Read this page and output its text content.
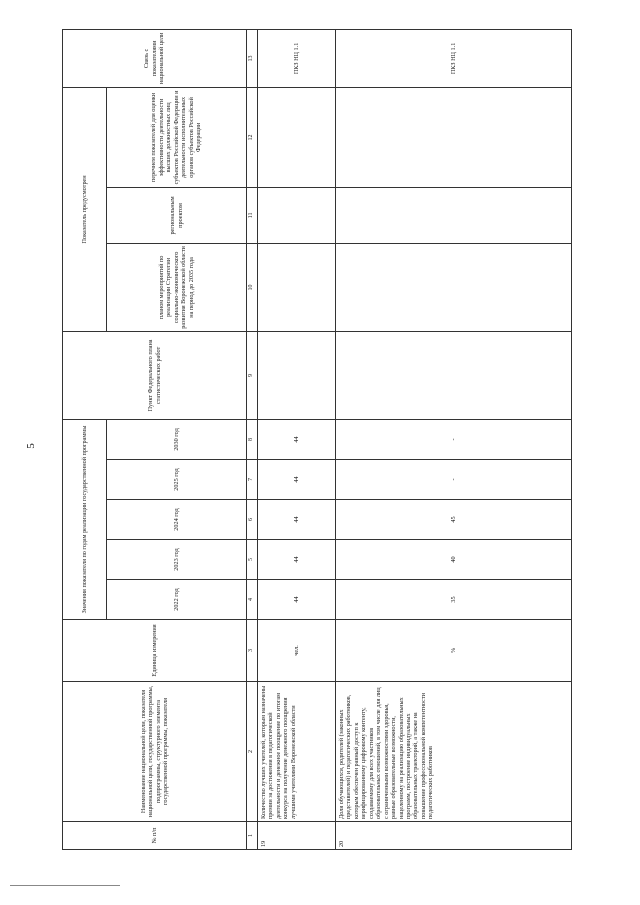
5
№ п/п	Наименование национальной цели, показателя национальной цели, государственной программы, подпрограммы, структурного элемента государственной программы, показателя	Единица измерения	Значения показателя по годам реализации государственной программы					Пункт Федерального плана статистических работ	Показатель предусмотрен			Связь с показателями национальной цели
			2022 год	2023 год	2024 год	2025 год	2030 год		планом мероприятий по реализации Стратегии социально-экономического развития Воронежской области на период до 2035 года	региональным проектом	перечнем показателей для оценки эффективности деятельности высших должностных лиц субъектов Российской Федерации и деятельности исполнительных органов субъектов Российской Федерации	
1	2	3	4	5	6	7	8	9	10	11	12	13
19	Количество лучших учителей, которым назначены премии за достижения в педагогической деятельности и денежное поощрение по итогам конкурса на получение денежного поощрения лучшими учителями Воронежской области	чел.	44	44	44	44	44					ПКЗ НЦ 1.1
20	Доля обучающихся, родителей (законных представителей) и педагогических работников, которым обеспечен равный доступ к верифицированному цифровому контенту, создаваемому для всех участников образовательных отношений, в том числе для лиц с ограниченными возможностями здоровья, равные образовательные возможности, нацеленному на реализацию образовательных программ, построение индивидуальных образовательных траекторий, а также на повышение профессиональной компетентности педагогических работников	%	35	40	45	-	-					ПКЗ НЦ 1.1
